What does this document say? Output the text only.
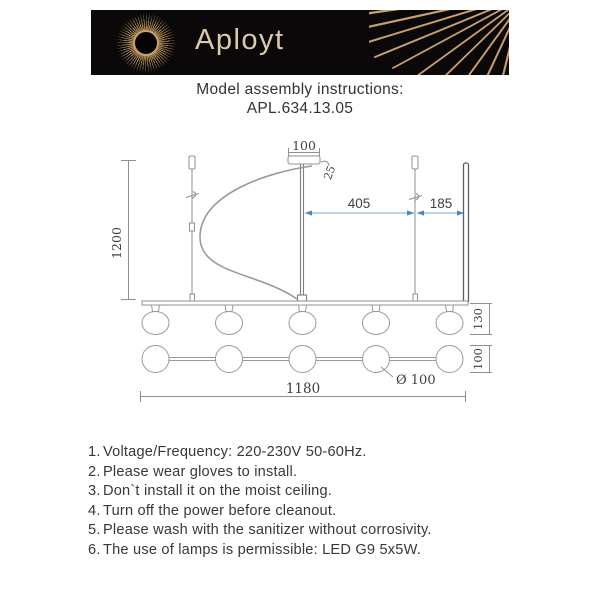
Aployt
Model assembly instructions:
APL.634.13.05
1200
100
25
405	185
130
100
Ø 100
1180
1. Voltage/Frequency: 220-230V 50-60Hz.
2. Please wear gloves to install.
3. Don`t install it on the moist ceiling.
4. Turn off the power before cleanout.
5. Please wash with the sanitizer without corrosivity.
6. The use of lamps is permissible: LED G9 5x5W.
